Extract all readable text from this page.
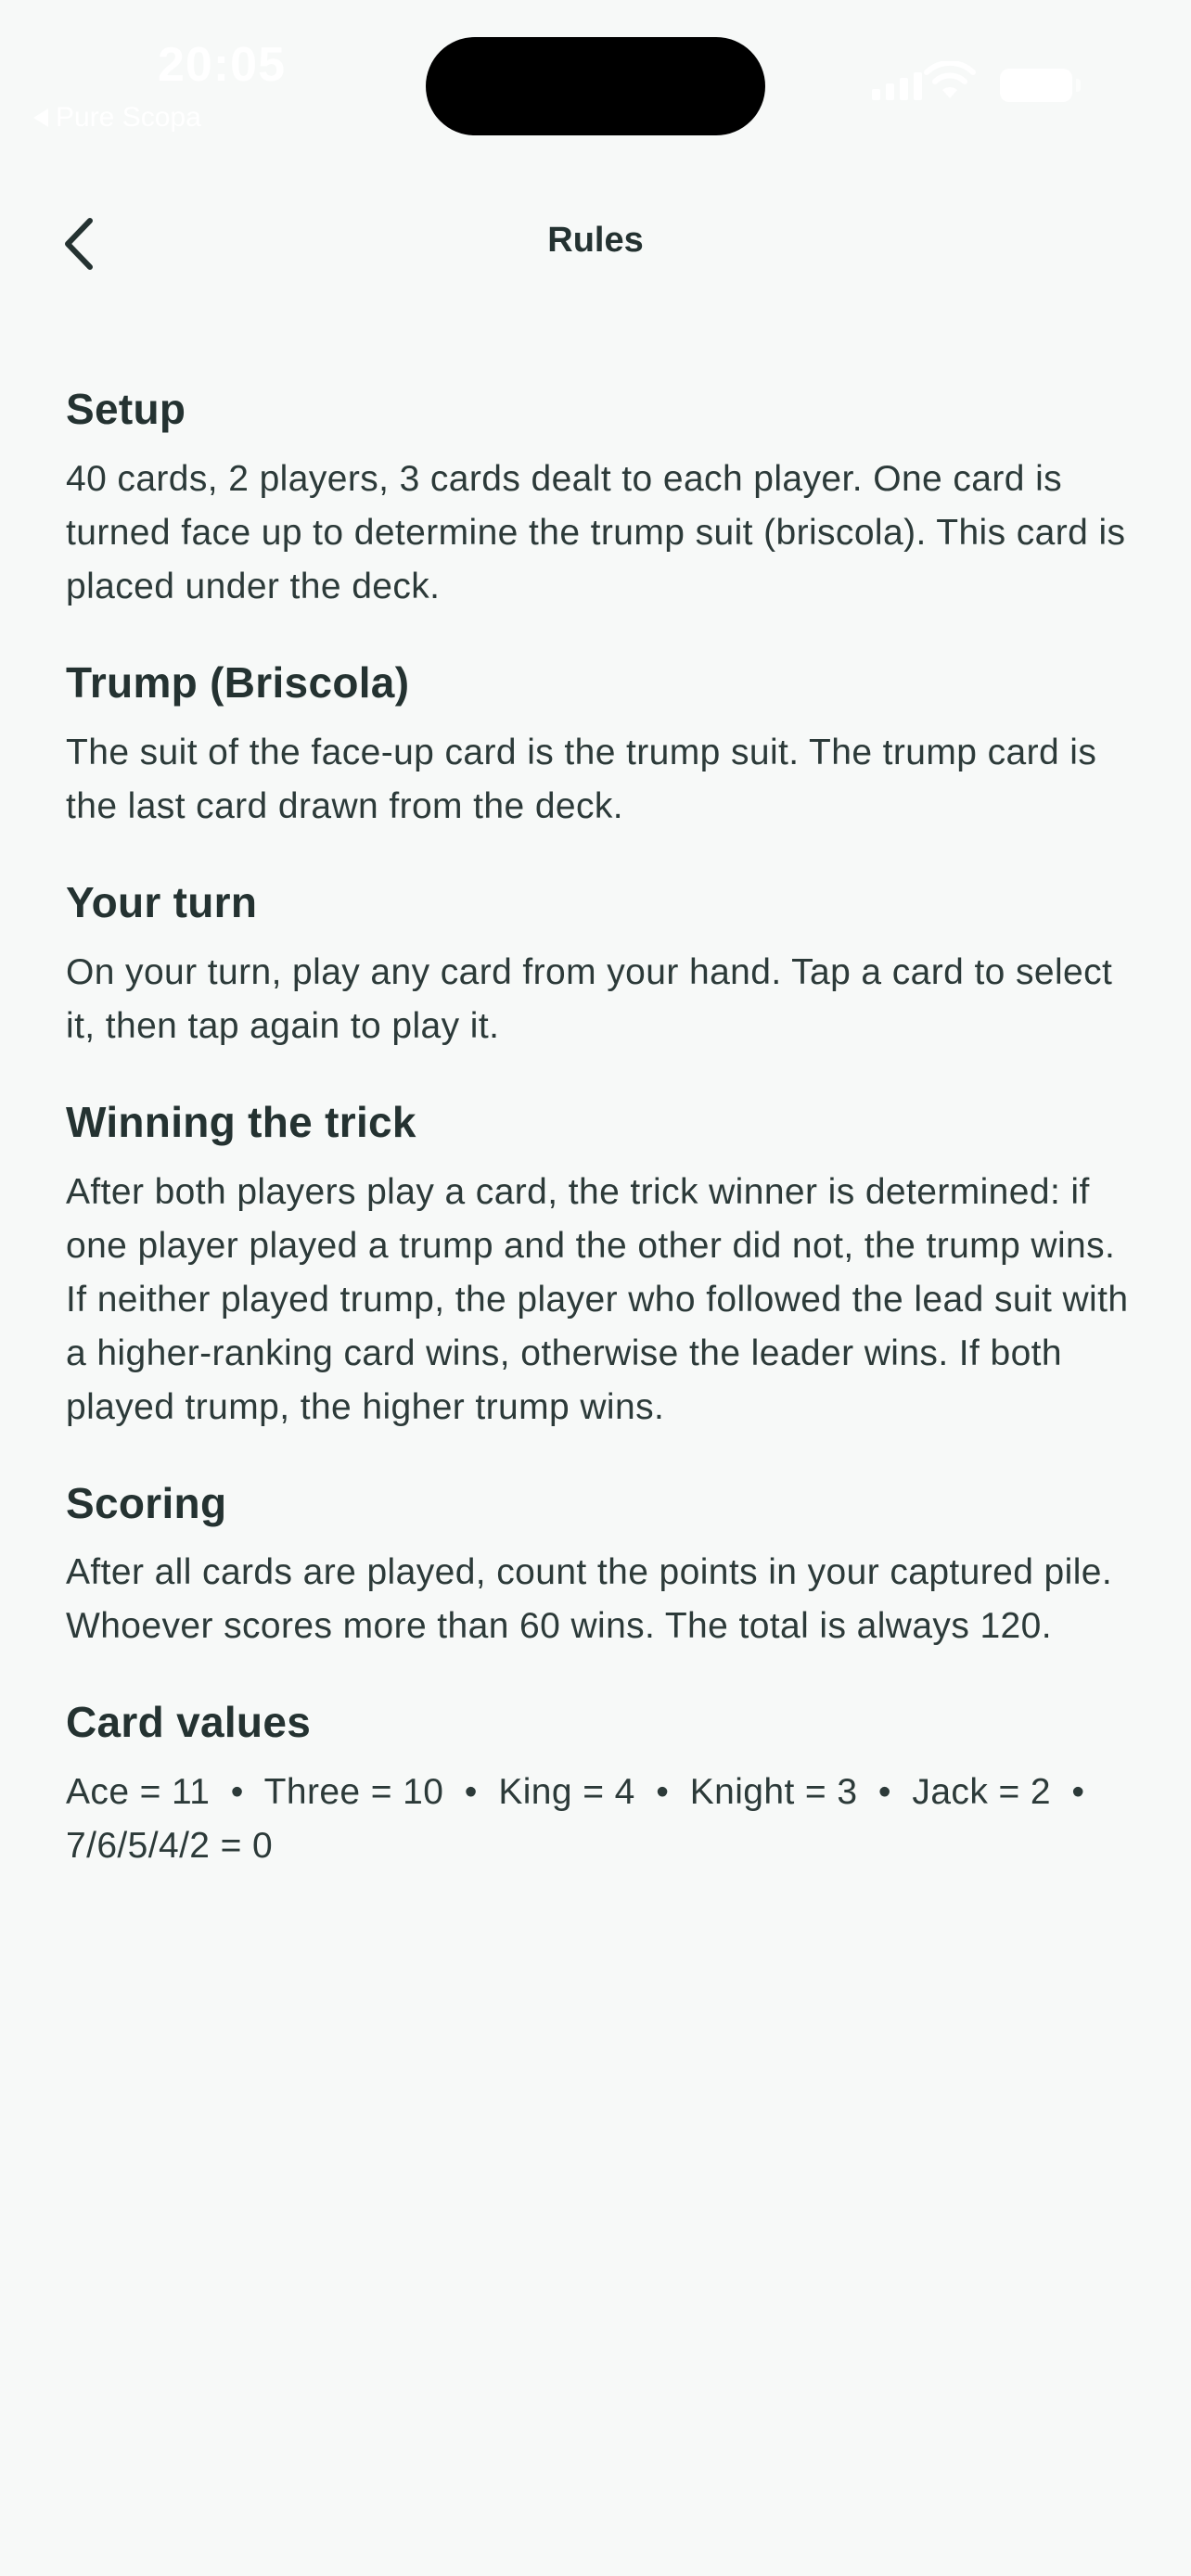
20:05
Pure Scopa
Rules
Setup

40 cards, 2 players, 3 cards dealt to each player. One card is turned face up to determine the trump suit (briscola). This card is placed under the deck.

Trump (Briscola)

The suit of the face-up card is the trump suit. The trump card is the last card drawn from the deck.

Your turn

On your turn, play any card from your hand. Tap a card to select it, then tap again to play it.

Winning the trick

After both players play a card, the trick winner is determined: if one player played a trump and the other did not, the trump wins. If neither played trump, the player who followed the lead suit with a higher-ranking card wins, otherwise the leader wins. If both played trump, the higher trump wins.

Scoring

After all cards are played, count the points in your captured pile. Whoever scores more than 60 wins. The total is always 120.

Card values

Ace = 11  •  Three = 10  •  King = 4  •  Knight = 3  •  Jack = 2  •  7/6/5/4/2 = 0
